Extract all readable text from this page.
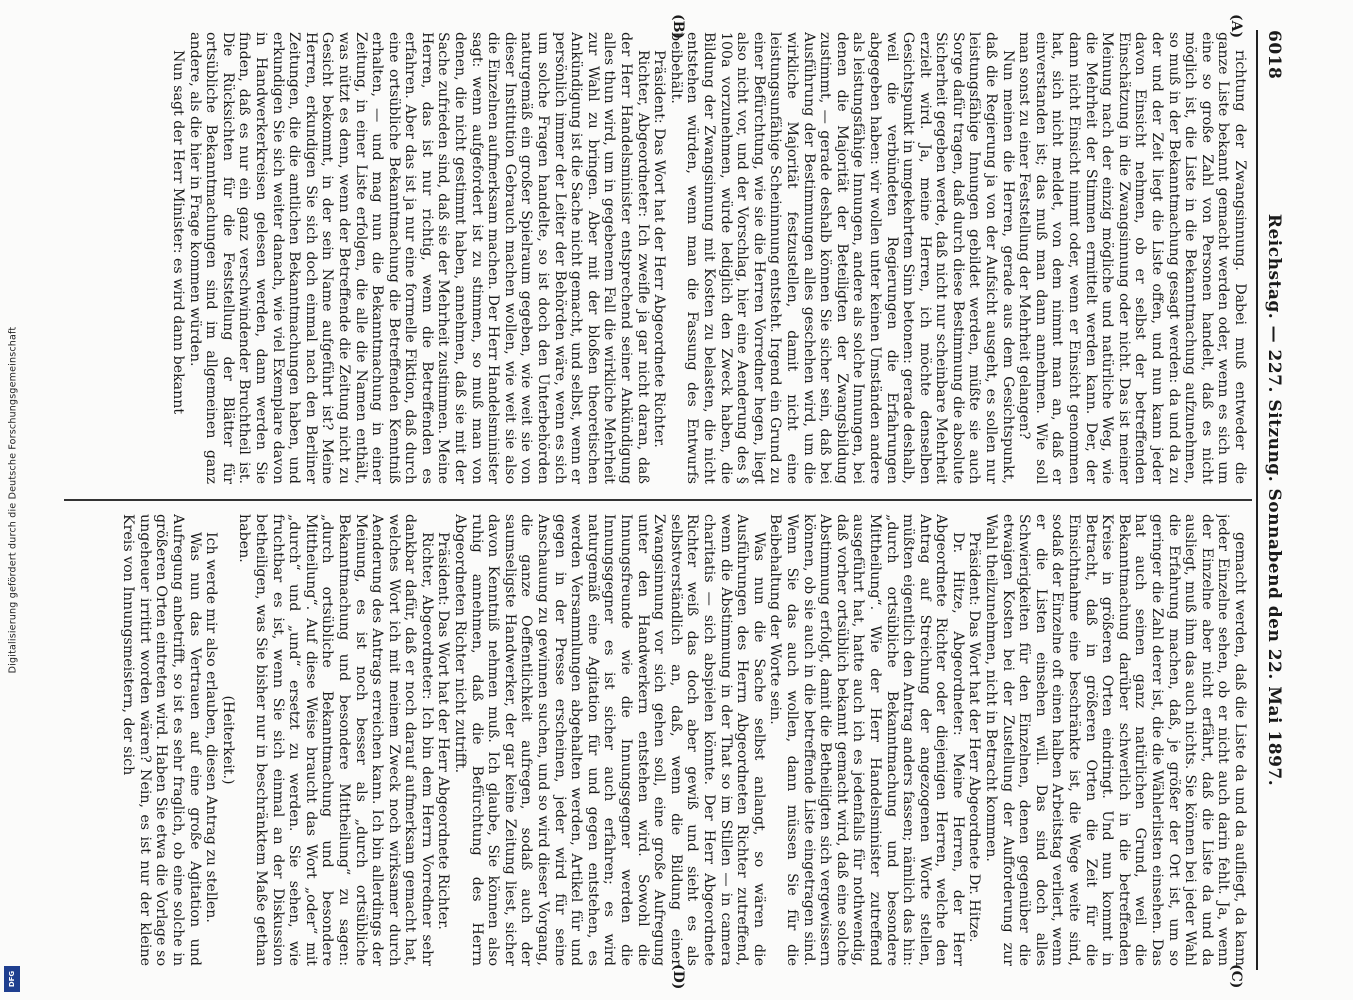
6018
Reichstag. — 227. Sitzung. Sonnabend den 22. Mai 1897.
(A)
(B)
(C)
(D)

richtung der Zwangsinnung. Dabei muß entweder die ganze Liste bekannt gemacht werden oder, wenn es sich um eine so große Zahl von Personen handelt, daß es nicht möglich ist, die Liste in die Bekanntmachung aufzunehmen, so muß in der Bekanntmachung gesagt werden: da und da zu der und der Zeit liegt die Liste offen, und nun kann jeder davon Einsicht nehmen, ob er selbst der betreffenden Einschätzung in die Zwangsinnung oder nicht. Das ist meiner Meinung nach der einzig mögliche und natürliche Weg, wie die Mehrheit der Stimmen ermittelt werden kann. Der, der dann nicht Einsicht nimmt oder, wenn er Einsicht genommen hat, sich nicht meldet, von dem nimmt man an, daß er einverstanden ist; das muß man dann annehmen. Wie soll man sonst zu einer Feststellung der Mehrheit gelangen?

Nun meinen die Herren, gerade aus dem Gesichtspunkt, daß die Regierung ja von der Aufsicht ausgeht, es sollen nur leistungsfähige Innungen gebildet werden, müßte sie auch Sorge dafür tragen, daß durch diese Bestimmung die absolute Sicherheit gegeben werde, daß nicht nur scheinbare Mehrheit erzielt wird. Ja, meine Herren, ich möchte denselben Gesichtspunkt in umgekehrtem Sinn betonen: gerade deshalb, weil die verbündeten Regierungen die Erfahrungen abgegeben haben: wir wollen unter keinen Umständen andere als leistungsfähige Innungen, andere als solche Innungen, bei denen die Majorität der Beteiligten der Zwangsbildung zustimmt, — gerade deshalb können Sie sicher sein, daß bei Ausführung der Bestimmungen alles geschehen wird, um die wirkliche Majorität festzustellen, damit nicht eine leistungsunfähige Scheininnung entsteht. Irgend ein Grund zu einer Befürchtung, wie sie die Herren Vorredner hegen, liegt also nicht vor, und der Vorschlag, hier eine Aenderung des § 100a vorzunehmen, würde lediglich den Zweck haben, die Bildung der Zwangsinnung mit Kosten zu belasten, die nicht entstehen würden, wenn man die Fassung des Entwurfs beibehält.

Präsident: Das Wort hat der Herr Abgeordnete Richter.

Richter, Abgeordneter: Ich zweifle ja gar nicht daran, daß der Herr Handelsminister entsprechend seiner Ankündigung alles thun wird, um in gegebenem Fall die wirkliche Mehrheit zur Wahl zu bringen. Aber mit der bloßen theoretischen Ankündigung ist die Sache nicht gemacht, und selbst, wenn er persönlich immer der Leiter der Behörden wäre, wenn es sich um solche Fragen handelte, so ist doch den Unterbehörden naturgemäß ein großer Spielraum gegeben, wie weit sie von dieser Institution Gebrauch machen wollen, wie weit sie also die Einzelnen aufmerksam machen. Der Herr Handelsminister sagt: wenn aufgefordert ist zu stimmen, so muß man von denen, die nicht gestimmt haben, annehmen, daß sie mit der Sache zufrieden sind, daß sie der Mehrheit zustimmen. Meine Herren, das ist nur richtig, wenn die Betreffenden es erfahren. Aber das ist ja nur eine formelle Fiktion, daß durch eine ortsübliche Bekanntmachung die Betreffenden Kenntniß erhalten, — und mag nun die Bekanntmachung in einer Zeitung, in einer Liste erfolgen, die alle die Namen enthält, was nützt es denn, wenn der Betreffende die Zeitung nicht zu Gesicht bekommt, in der sein Name aufgeführt ist? Meine Herren, erkundigen Sie sich doch einmal nach den Berliner Zeitungen, die die amtlichen Bekanntmachungen haben, und erkundigen Sie sich weiter danach, wie viel Exemplare davon in Handwerkerkreisen gelesen werden, dann werden Sie finden, daß es nur ein ganz verschwindender Bruchtheil ist. Die Rücksichten für die Feststellung der Blätter für ortsübliche Bekanntmachungen sind im allgemeinen ganz andere, als die hier in Frage kommen würden.

Nun sagt der Herr Minister: es wird dann bekannt

gemacht werden, daß die Liste da und da aufliegt, da kann jeder Einzelne sehen, ob er nicht auch darin fehlt. Ja, wenn der Einzelne aber nicht erfährt, daß die Liste da und da ausliegt, muß ihm das auch nichts. Sie können bei jeder Wahl die Erfahrung machen, daß, je größer der Ort ist, um so geringer die Zahl derer ist, die die Wählerlisten einsehen. Das hat auch seinen ganz natürlichen Grund, weil die Bekanntmachung darüber schwerlich in die betreffenden Kreise in größeren Orten eindringt. Und nun kommt in Betracht, daß in größeren Orten die Zeit für die Einsichtnahme eine beschränkte ist, die Wege weite sind, sodaß der Einzelne oft einen halben Arbeitstag verliert, wenn er die Listen einsehen will. Das sind doch alles Schwierigkeiten für den Einzelnen, denen gegenüber die etwaigen Kosten bei der Zustellung der Aufforderung zur Wahl theilzunehmen, nicht in Betracht kommen.

Präsident: Das Wort hat der Herr Abgeordnete Dr. Hitze.

Dr. Hitze, Abgeordneter: Meine Herren, der Herr Abgeordnete Richter oder diejenigen Herren, welche den Antrag auf Streichung der angezogenen Worte stellen, müßten eigentlich den Antrag anders fassen; nämlich das hin: „durch ortsübliche Bekanntmachung und besondere Mittheilung“. Wie der Herr Handelsminister zutreffend ausgeführt hat, hatte auch ich es jedenfalls für nothwendig, daß vorher ortsüblich bekannt gemacht wird, daß eine solche Abstimmung erfolgt, damit die Betheiligten sich vergewissern können, ob sie auch in die betreffende Liste eingetragen sind. Wenn Sie das auch wollen, dann müssen Sie für die Beibehaltung der Worte sein.

Was nun die Sache selbst anlangt, so wären die Ausführungen des Herrn Abgeordneten Richter zutreffend, wenn die Abstimmung in der That so im Stillen — in camera charitatis — sich abspielen könnte. Der Herr Abgeordnete Richter weiß das doch aber gewiß und sieht es als selbstverständlich an, daß, wenn die Bildung einer Zwangsinnung vor sich gehen soll, eine große Aufregung unter den Handwerkern entstehen wird. Sowohl die Innungsfreunde wie die Innungsgegner werden die Innungsgegner es ist sicher auch erfahren; es wird naturgemäß eine Agitation für und gegen entstehen, es werden Versammlungen abgehalten werden, Artikel für und gegen in der Presse erscheinen, jeder wird für seine Anschauung zu gewinnen suchen, und so wird dieser Vorgang, die ganze Oeffentlichkeit aufregen, sodaß auch der saumseligste Handwerker, der gar keine Zeitung liest, sicher davon Kenntniß nehmen muß. Ich glaube, Sie können also ruhig annehmen, daß die Befürchtung des Herrn Abgeordneten Richter nicht zutrifft.

Präsident: Das Wort hat der Herr Abgeordnete Richter.

Richter, Abgeordneter: Ich bin dem Herrn Vorredner sehr dankbar dafür, daß er noch darauf aufmerksam gemacht hat, welches Wort ich mit meinem Zweck noch wirksamer durch Aenderung des Antrags erreichen kann. Ich bin allerdings der Meinung, es ist noch besser als „durch ortsübliche Bekanntmachung und besondere Mittheilung“ zu sagen: „durch ortsübliche Bekanntmachung und besondere Mittheilung“. Auf diese Weise braucht das Wort „oder“ mit „durch“ und „und“ ersetzt zu werden. Sie sehen, wie fruchtbar es ist, wenn Sie sich einmal an der Diskussion betheiligen, was Sie bisher nur in beschränktem Maße gethan haben.

(Heiterkeit.)

Ich werde mir also erlauben, diesen Antrag zu stellen.

Was nun das Vertrauen auf eine große Agitation und Aufregung anbetrifft, so ist es sehr fraglich, ob eine solche in größeren Orten eintreten wird. Haben Sie etwa die Vorlage so ungeheuer irritirt worden wären? Nein, es ist nur der kleine Kreis von Innungsmeistern, der sich

Digitalisierung gefördert durch die Deutsche Forschungsgemeinschaft
DFG
